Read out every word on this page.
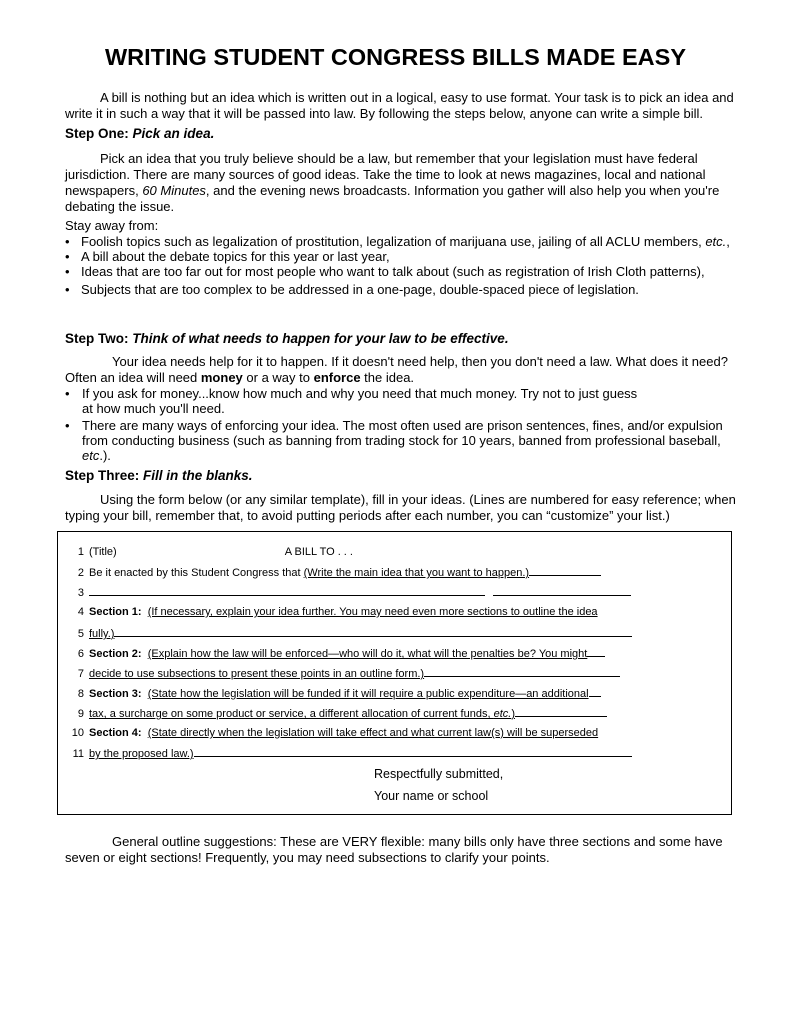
WRITING STUDENT CONGRESS BILLS MADE EASY

A bill is nothing but an idea which is written out in a logical, easy to use format. Your task is to pick an idea and write it in such a way that it will be passed into law. By following the steps below, anyone can write a simple bill.

Step One: Pick an idea.

Pick an idea that you truly believe should be a law, but remember that your legislation must have federal jurisdiction. There are many sources of good ideas. Take the time to look at news magazines, local and national newspapers, 60 Minutes, and the evening news broadcasts. Information you gather will also help you when you're debating the issue.

Stay away from:

• Foolish topics such as legalization of prostitution, legalization of marijuana use, jailing of all ACLU members, etc.,
• A bill about the debate topics for this year or last year,
• Ideas that are too far out for most people who want to talk about (such as registration of Irish Cloth patterns),
• Subjects that are too complex to be addressed in a one-page, double-spaced piece of legislation.
Step Two: Think of what needs to happen for your law to be effective.

Your idea needs help for it to happen. If it doesn't need help, then you don't need a law. What does it need? Often an idea will need money or a way to enforce the idea.

• If you ask for money...know how much and why you need that much money. Try not to just guess at how much you'll need.
• There are many ways of enforcing your idea. The most often used are prison sentences, fines, and/or expulsion from conducting business (such as banning from trading stock for 10 years, banned from professional baseball, etc.).
Step Three: Fill in the blanks.

Using the form below (or any similar template), fill in your ideas. (Lines are numbered for easy reference; when typing your bill, remember that, to avoid putting periods after each number, you can “customize” your list.)

1 (Title)	A BILL TO . . .
2 Be it enacted by this Student Congress that (Write the main idea that you want to happen.)
3
4 Section 1: (If necessary, explain your idea further. You may need even more sections to outline the idea
5 fully.)
6 Section 2: (Explain how the law will be enforced—who will do it, what will the penalties be? You might
7 decide to use subsections to present these points in an outline form.)
8 Section 3: (State how the legislation will be funded if it will require a public expenditure—an additional
9 tax, a surcharge on some product or service, a different allocation of current funds, etc.)
10 Section 4: (State directly when the legislation will take effect and what current law(s) will be superseded
11 by the proposed law.)
Respectfully submitted,
Your name or school

General outline suggestions: These are VERY flexible: many bills only have three sections and some have seven or eight sections! Frequently, you may need subsections to clarify your points.
